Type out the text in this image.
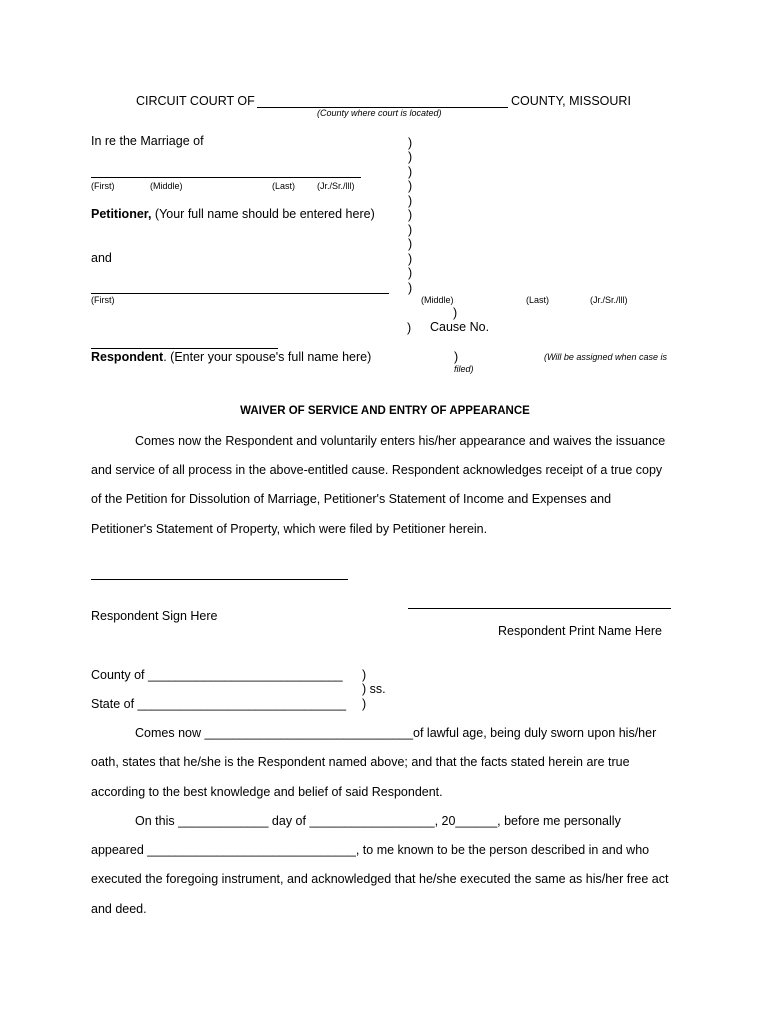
CIRCUIT COURT OF	COUNTY, MISSOURI
(County where court is located)
In re the Marriage of
(First)	(Middle)	(Last) (Jr./Sr./lll)
Petitioner, (Your full name should be entered here)
and
(First)	(Middle)	(Last)	(Jr./Sr./lll)
)
)
)
)
)
)
)
)
)
)
)
)
) Cause No.
)
Respondent. (Enter your spouse's full name here)	(Will be assigned when case is
filed)
WAIVER OF SERVICE AND ENTRY OF APPEARANCE
Comes now the Respondent and voluntarily enters his/her appearance and waives the issuance
and service of all process in the above-entitled cause. Respondent acknowledges receipt of a true copy
of the Petition for Dissolution of Marriage, Petitioner's Statement of Income and Expenses and
Petitioner's Statement of Property, which were filed by Petitioner herein.
Respondent Sign Here
Respondent Print Name Here
County of ____________________________ )
) ss.
State of ______________________________ )
Comes now ______________________________of lawful age, being duly sworn upon his/her
oath, states that he/she is the Respondent named above; and that the facts stated herein are true
according to the best knowledge and belief of said Respondent.
On this _____________ day of __________________, 20______, before me personally
appeared ______________________________, to me known to be the person described in and who
executed the foregoing instrument, and acknowledged that he/she executed the same as his/her free act
and deed.
